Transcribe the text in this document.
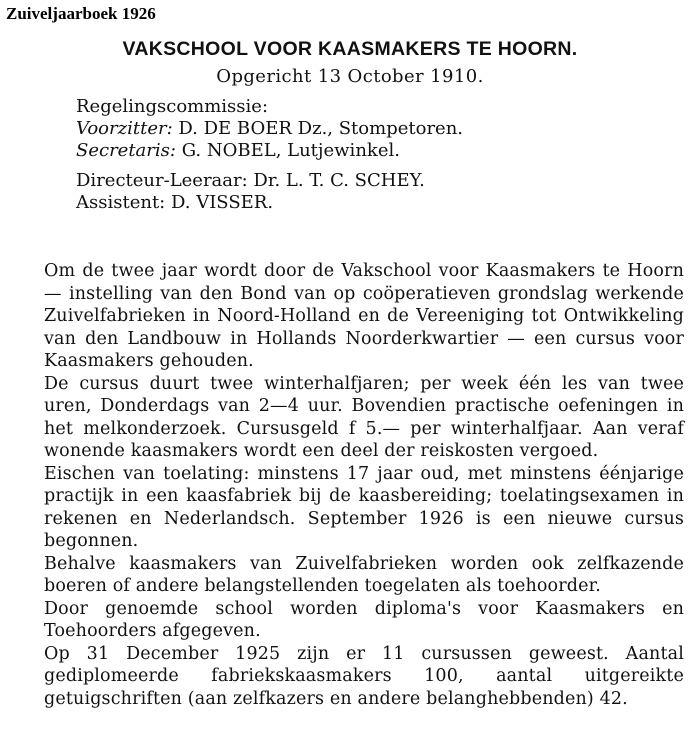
Zuiveljaarboek 1926
VAKSCHOOL VOOR KAASMAKERS TE HOORN.
Opgericht 13 October 1910.
Regelingscommissie:
Voorzitter: D. DE BOER Dz., Stompetoren.
Secretaris: G. NOBEL, Lutjewinkel.
Directeur-Leeraar: Dr. L. T. C. SCHEY.
Assistent: D. VISSER.

Om de twee jaar wordt door de Vakschool voor Kaasmakers te Hoorn — instelling van den Bond van op coöperatieven grondslag werkende Zuivelfabrieken in Noord-Holland en de Vereeniging tot Ontwikkeling van den Landbouw in Hollands Noorderkwartier — een cursus voor Kaasmakers gehouden.

De cursus duurt twee winterhalfjaren; per week één les van twee uren, Donderdags van 2—4 uur. Bovendien practische oefeningen in het melkonderzoek. Cursusgeld f 5.— per winterhalfjaar. Aan veraf wonende kaasmakers wordt een deel der reiskosten vergoed.

Eischen van toelating: minstens 17 jaar oud, met minstens éénjarige practijk in een kaasfabriek bij de kaasbereiding; toelatingsexamen in rekenen en Nederlandsch. September 1926 is een nieuwe cursus begonnen.

Behalve kaasmakers van Zuivelfabrieken worden ook zelfkazende boeren of andere belangstellenden toegelaten als toehoorder.

Door genoemde school worden diploma's voor Kaasmakers en Toehoorders afgegeven.

Op 31 December 1925 zijn er 11 cursussen geweest. Aantal gediplomeerde fabriekskaasmakers 100, aantal uitgereikte getuigschriften (aan zelfkazers en andere belanghebbenden) 42.
